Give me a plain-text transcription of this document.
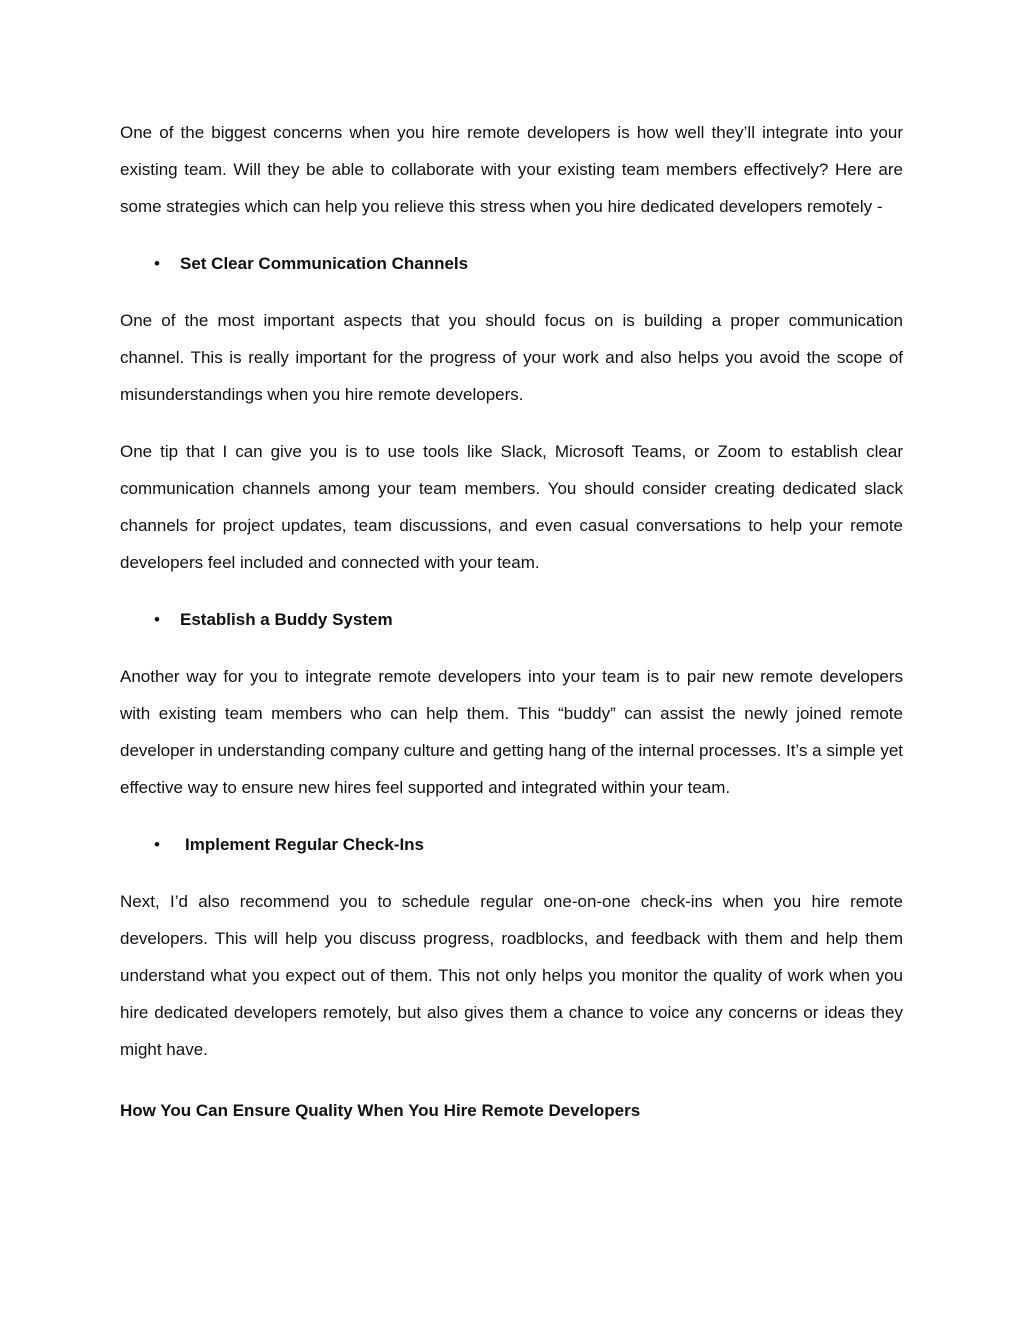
One of the biggest concerns when you hire remote developers is how well they’ll integrate into your existing team. Will they be able to collaborate with your existing team members effectively? Here are some strategies which can help you relieve this stress when you hire dedicated developers remotely -

• Set Clear Communication Channels

One of the most important aspects that you should focus on is building a proper communication channel. This is really important for the progress of your work and also helps you avoid the scope of misunderstandings when you hire remote developers.

One tip that I can give you is to use tools like Slack, Microsoft Teams, or Zoom to establish clear communication channels among your team members. You should consider creating dedicated slack channels for project updates, team discussions, and even casual conversations to help your remote developers feel included and connected with your team.

• Establish a Buddy System

Another way for you to integrate remote developers into your team is to pair new remote developers with existing team members who can help them. This “buddy” can assist the newly joined remote developer in understanding company culture and getting hang of the internal processes. It’s a simple yet effective way to ensure new hires feel supported and integrated within your team.

• Implement Regular Check-Ins

Next, I’d also recommend you to schedule regular one-on-one check-ins when you hire remote developers. This will help you discuss progress, roadblocks, and feedback with them and help them understand what you expect out of them. This not only helps you monitor the quality of work when you hire dedicated developers remotely, but also gives them a chance to voice any concerns or ideas they might have.

How You Can Ensure Quality When You Hire Remote Developers
